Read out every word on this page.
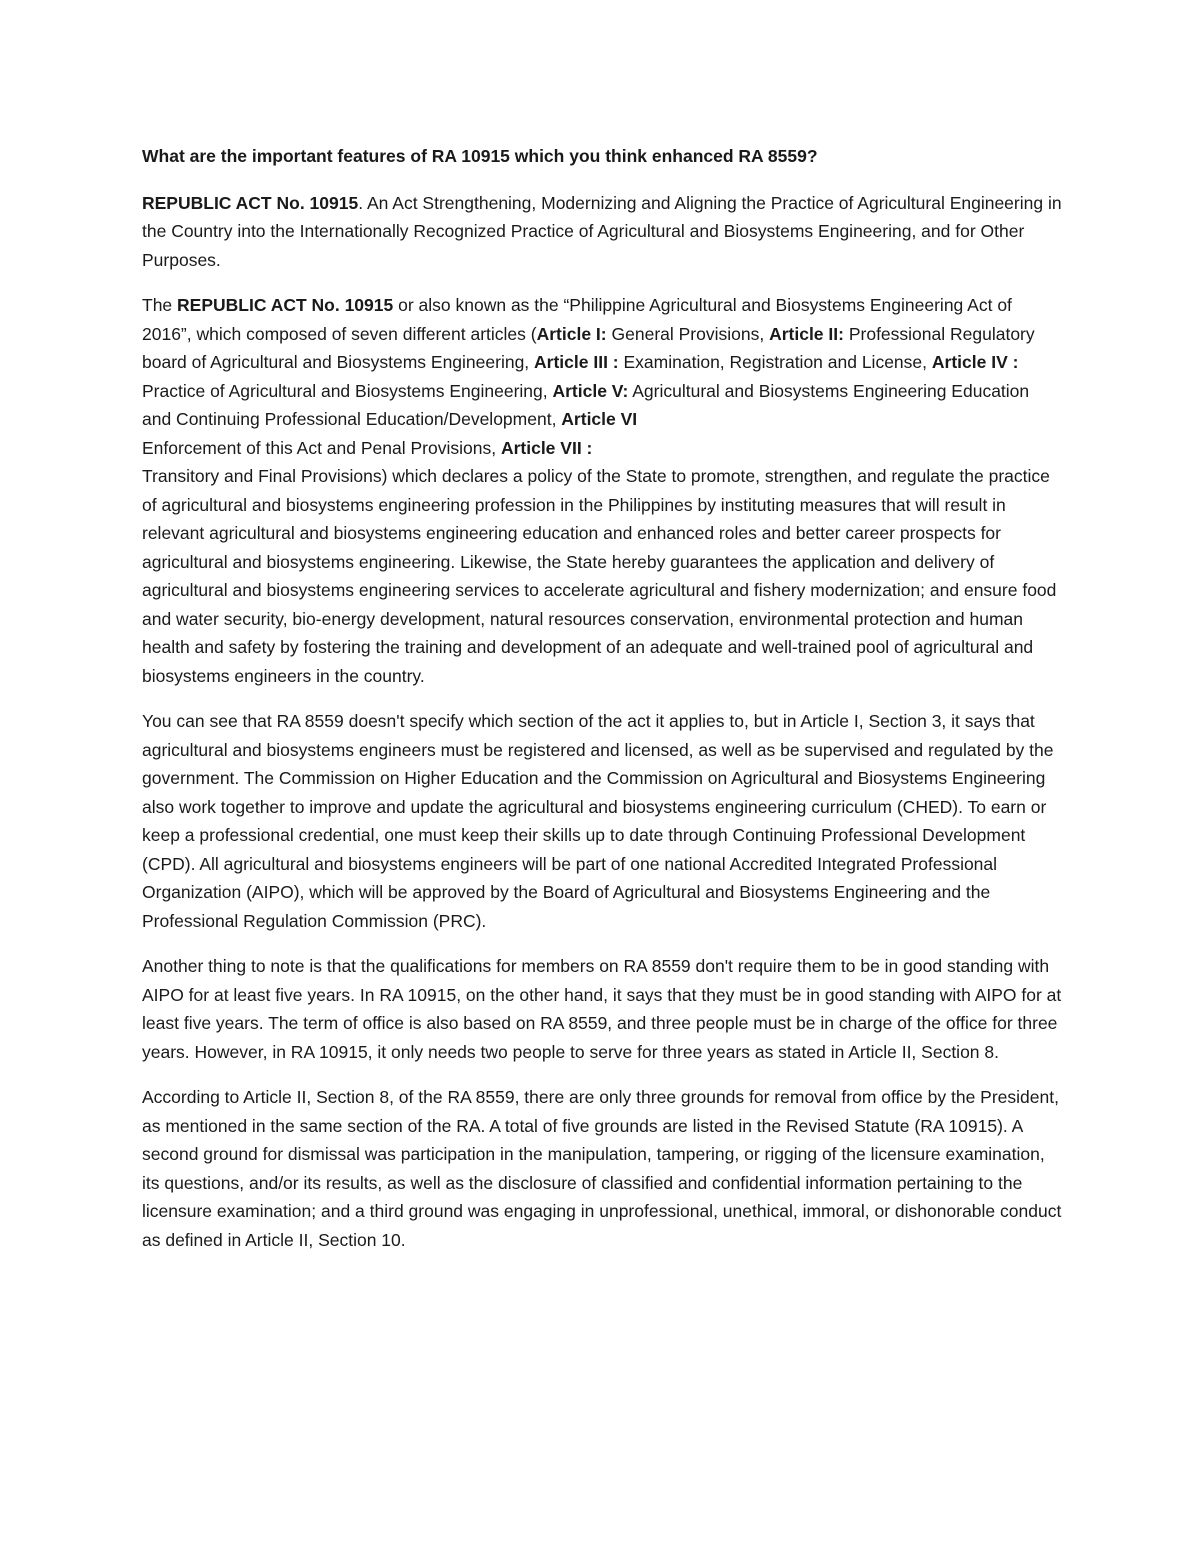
What are the important features of RA 10915 which you think enhanced RA 8559?

REPUBLIC ACT No. 10915. An Act Strengthening, Modernizing and Aligning the Practice of Agricultural Engineering in the Country into the Internationally Recognized Practice of Agricultural and Biosystems Engineering, and for Other Purposes.

The REPUBLIC ACT No. 10915 or also known as the “Philippine Agricultural and Biosystems Engineering Act of 2016”, which composed of seven different articles (Article I: General Provisions, Article II: Professional Regulatory board of Agricultural and Biosystems Engineering, Article III : Examination, Registration and License, Article IV : Practice of Agricultural and Biosystems Engineering, Article V: Agricultural and Biosystems Engineering Education and Continuing Professional Education/Development, Article VI

Enforcement of this Act and Penal Provisions, Article VII :

Transitory and Final Provisions) which declares a policy of the State to promote, strengthen, and regulate the practice of agricultural and biosystems engineering profession in the Philippines by instituting measures that will result in relevant agricultural and biosystems engineering education and enhanced roles and better career prospects for agricultural and biosystems engineering. Likewise, the State hereby guarantees the application and delivery of agricultural and biosystems engineering services to accelerate agricultural and fishery modernization; and ensure food and water security, bio-energy development, natural resources conservation, environmental protection and human health and safety by fostering the training and development of an adequate and well-trained pool of agricultural and biosystems engineers in the country.

You can see that RA 8559 doesn't specify which section of the act it applies to, but in Article I, Section 3, it says that agricultural and biosystems engineers must be registered and licensed, as well as be supervised and regulated by the government. The Commission on Higher Education and the Commission on Agricultural and Biosystems Engineering also work together to improve and update the agricultural and biosystems engineering curriculum (CHED). To earn or keep a professional credential, one must keep their skills up to date through Continuing Professional Development (CPD). All agricultural and biosystems engineers will be part of one national Accredited Integrated Professional Organization (AIPO), which will be approved by the Board of Agricultural and Biosystems Engineering and the Professional Regulation Commission (PRC).

Another thing to note is that the qualifications for members on RA 8559 don't require them to be in good standing with AIPO for at least five years. In RA 10915, on the other hand, it says that they must be in good standing with AIPO for at least five years. The term of office is also based on RA 8559, and three people must be in charge of the office for three years. However, in RA 10915, it only needs two people to serve for three years as stated in Article II, Section 8.

According to Article II, Section 8, of the RA 8559, there are only three grounds for removal from office by the President, as mentioned in the same section of the RA. A total of five grounds are listed in the Revised Statute (RA 10915). A second ground for dismissal was participation in the manipulation, tampering, or rigging of the licensure examination, its questions, and/or its results, as well as the disclosure of classified and confidential information pertaining to the licensure examination; and a third ground was engaging in unprofessional, unethical, immoral, or dishonorable conduct as defined in Article II, Section 10.
